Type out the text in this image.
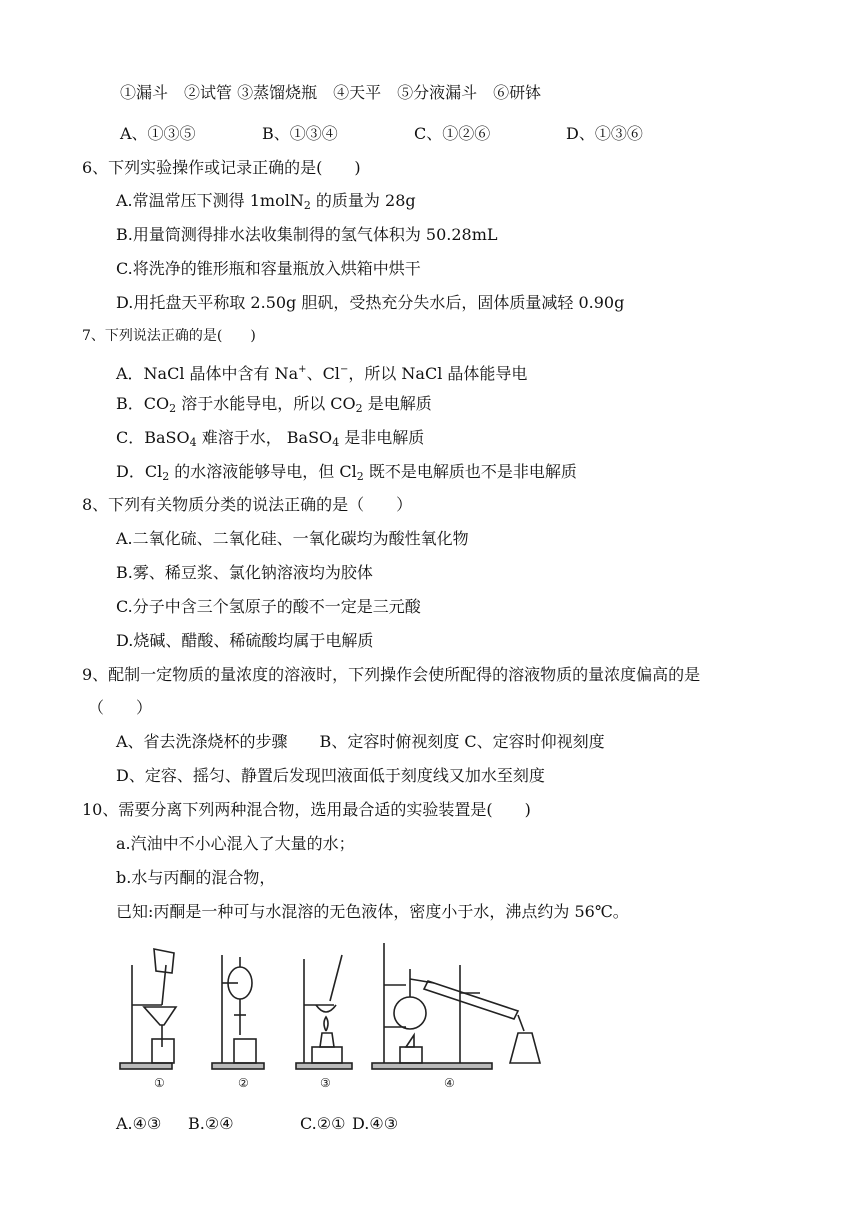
①漏斗　②试管 ③蒸馏烧瓶　④天平　⑤分液漏斗　⑥研钵
A、①③⑤	B、①③④	C、①②⑥	D、①③⑥
6、下列实验操作或记录正确的是(　　)
A.常温常压下测得 1molN$_2$ 的质量为 28g
B.用量筒测得排水法收集制得的氢气体积为 50.28mL
C.将洗净的锥形瓶和容量瓶放入烘箱中烘干
D.用托盘天平称取 2.50g 胆矾，受热充分失水后，固体质量减轻 0.90g
7、下列说法正确的是(　　)
A．NaCl 晶体中含有 Na+、Cl−，所以 NaCl 晶体能导电
B．$CO_2$ 溶于水能导电，所以 $CO_2$ 是电解质
C．BaSO$_4$ 难溶于水， BaSO$_4$ 是非电解质
D．$Cl_2$ 的水溶液能够导电，但 $Cl_2$ 既不是电解质也不是非电解质
8、下列有关物质分类的说法正确的是（　　）
A.二氧化硫、二氧化硅、一氧化碳均为酸性氧化物
B.雾、稀豆浆、氯化钠溶液均为胶体
C.分子中含三个氢原子的酸不一定是三元酸
D.烧碱、醋酸、稀硫酸均属于电解质
9、配制一定物质的量浓度的溶液时，下列操作会使所配得的溶液物质的量浓度偏高的是
（　　）
A、省去洗涤烧杯的步骤　　B、定容时俯视刻度 C、定容时仰视刻度
D、定容、摇匀、静置后发现凹液面低于刻度线又加水至刻度
10、需要分离下列两种混合物，选用最合适的实验装置是(　　)
a.汽油中不小心混入了大量的水；
b.水与丙酮的混合物，
已知:丙酮是一种可与水混溶的无色液体，密度小于水，沸点约为 56℃。
①	②	③	④
A.④③ B.②④	C.②① D.④③
